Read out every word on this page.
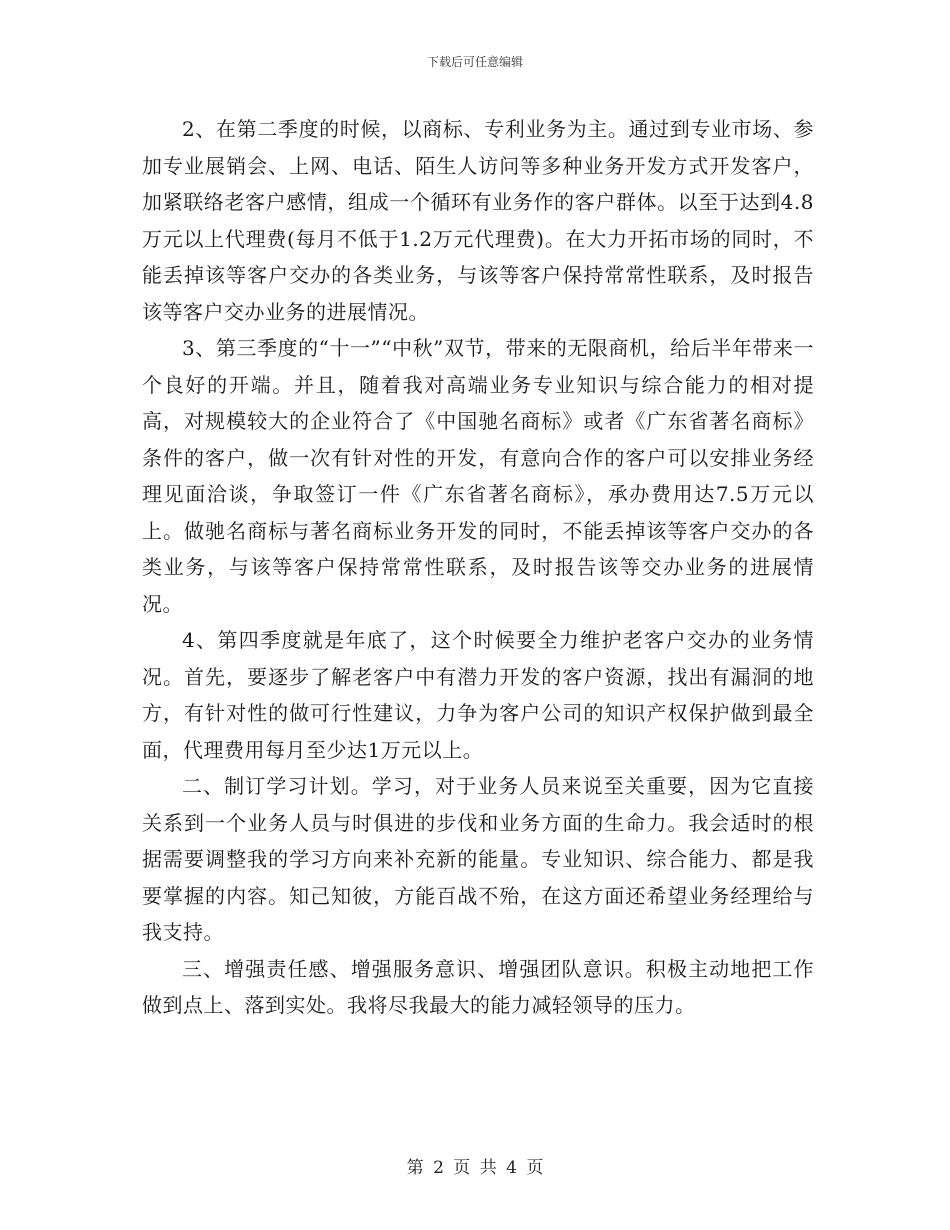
下载后可任意编辑

2、在第二季度的时候，以商标、专利业务为主。通过到专业市场、参加专业展销会、上网、电话、陌生人访问等多种业务开发方式开发客户，加紧联络老客户感情，组成一个循环有业务作的客户群体。以至于达到4.8万元以上代理费(每月不低于1.2万元代理费)。在大力开拓市场的同时，不能丢掉该等客户交办的各类业务，与该等客户保持常常性联系，及时报告该等客户交办业务的进展情况。

3、第三季度的“十一”“中秋”双节，带来的无限商机，给后半年带来一个良好的开端。并且，随着我对高端业务专业知识与综合能力的相对提高，对规模较大的企业符合了《中国驰名商标》或者《广东省著名商标》条件的客户，做一次有针对性的开发，有意向合作的客户可以安排业务经理见面洽谈，争取签订一件《广东省著名商标》，承办费用达7.5万元以上。做驰名商标与著名商标业务开发的同时，不能丢掉该等客户交办的各类业务，与该等客户保持常常性联系，及时报告该等交办业务的进展情况。

4、第四季度就是年底了，这个时候要全力维护老客户交办的业务情况。首先，要逐步了解老客户中有潜力开发的客户资源，找出有漏洞的地方，有针对性的做可行性建议，力争为客户公司的知识产权保护做到最全面，代理费用每月至少达1万元以上。

二、制订学习计划。学习，对于业务人员来说至关重要，因为它直接关系到一个业务人员与时俱进的步伐和业务方面的生命力。我会适时的根据需要调整我的学习方向来补充新的能量。专业知识、综合能力、都是我要掌握的内容。知己知彼，方能百战不殆，在这方面还希望业务经理给与我支持。

三、增强责任感、增强服务意识、增强团队意识。积极主动地把工作做到点上、落到实处。我将尽我最大的能力减轻领导的压力。

第 2 页 共 4 页
